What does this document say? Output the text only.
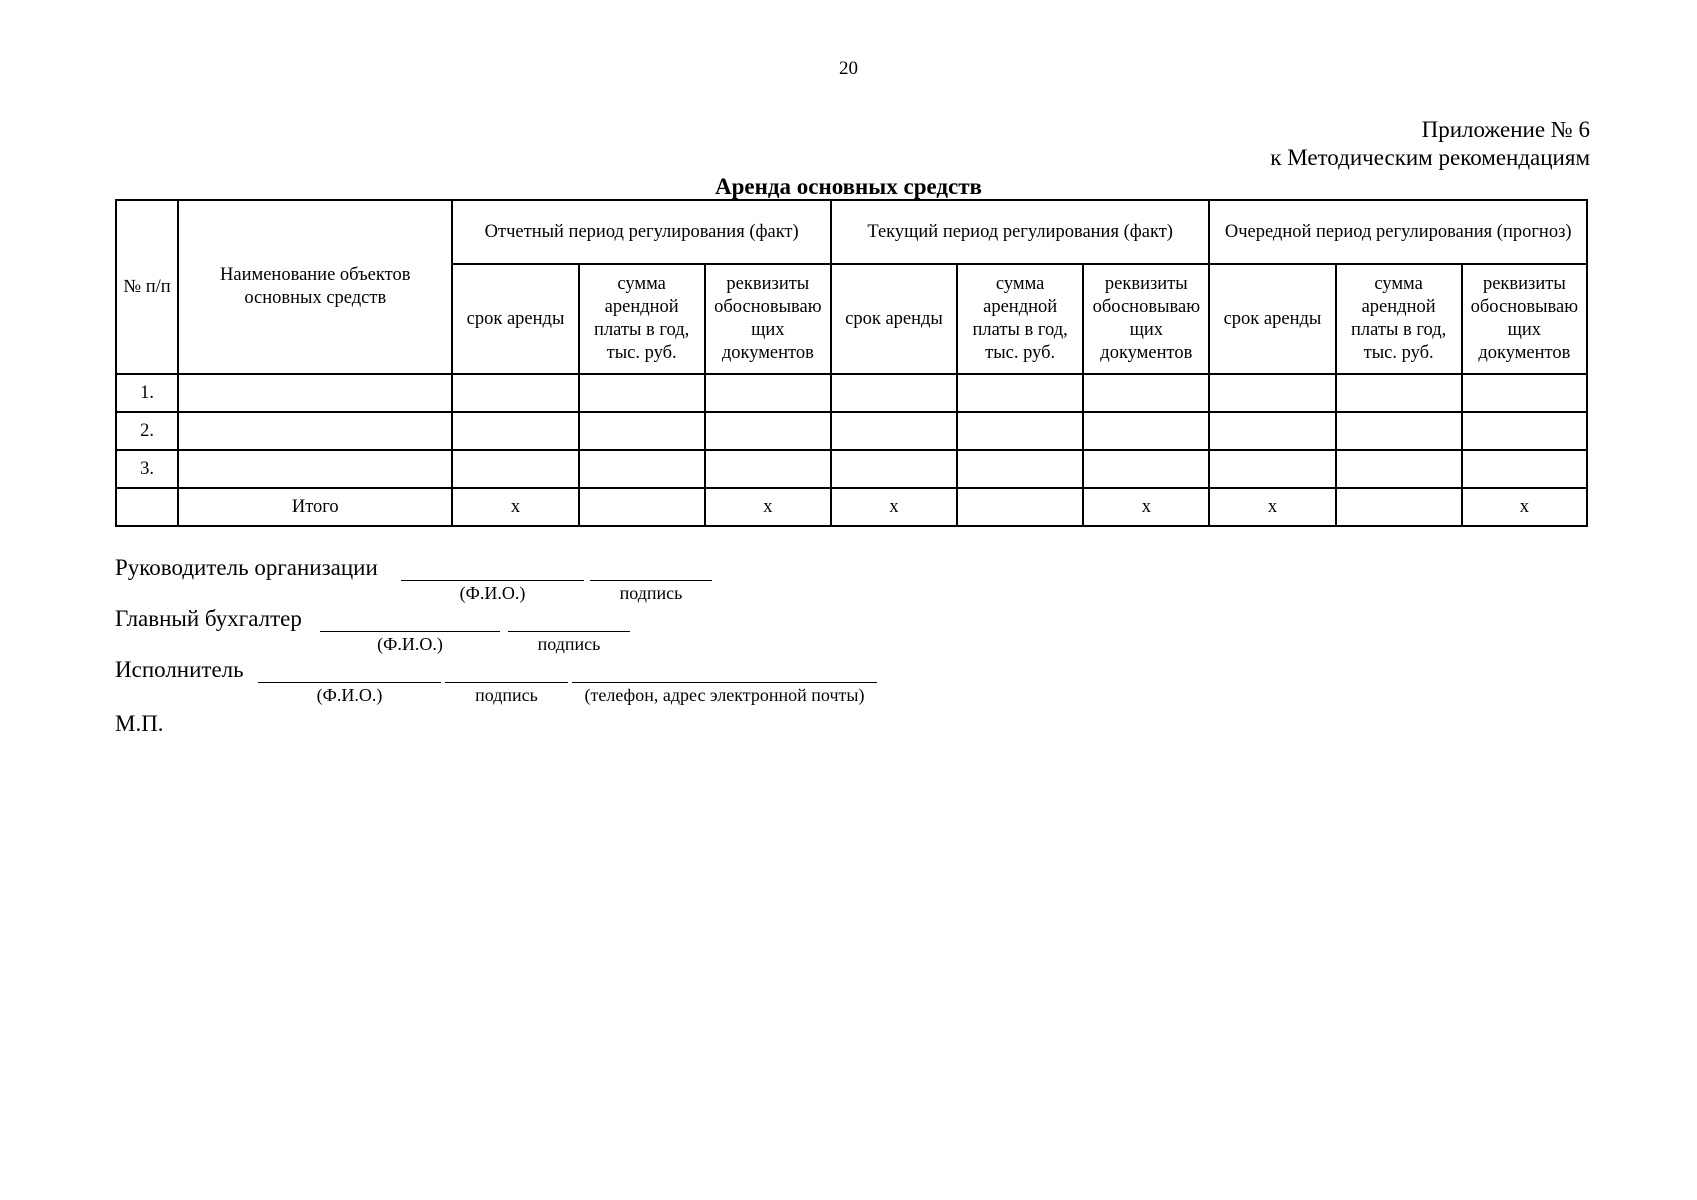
20
Приложение № 6
к Методическим рекомендациям
Аренда основных средств
№ п/п	Наименование объектов основных средств	Отчетный период регулирования (факт)			Текущий период регулирования (факт)			Очередной период регулирования (прогноз)		
		срок аренды	сумма арендной платы в год, тыс. руб.	реквизиты обосновываю щих документов	срок аренды	сумма арендной платы в год, тыс. руб.	реквизиты обосновываю щих документов	срок аренды	сумма арендной платы в год, тыс. руб.	реквизиты обосновываю щих документов
1.										
2.										
3.										
	Итого	x		x	x		x	x		x
Руководитель организации
(Ф.И.О.)	подпись
Главный бухгалтер
(Ф.И.О.)	подпись
Исполнитель
(Ф.И.О.)	подпись	(телефон, адрес электронной почты)
М.П.
